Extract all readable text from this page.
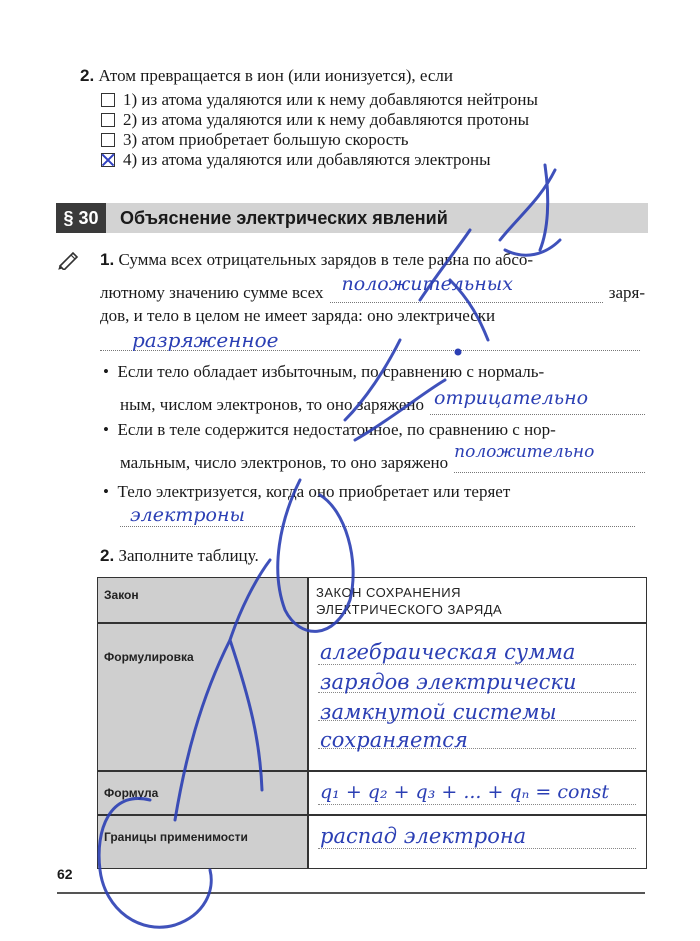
2. Атом превращается в ион (или ионизуется), если
1) из атома удаляются или к нему добавляются нейтроны
2) из атома удаляются или к нему добавляются протоны
3) атом приобретает большую скорость
4) из атома удаляются или добавляются электроны
§ 30	Объяснение электрических явлений
1. Сумма всех отрицательных зарядов в теле равна по абсо-
лютному значению сумме всех положительных	заря-
дов, и тело в целом не имеет заряда: оно электрически
разряженное
•  Если тело обладает избыточным, по сравнению с нормаль-
ным, числом электронов, то оно заряжено отрицательно
•  Если в теле содержится недостаточное, по сравнению с нор-
мальным, число электронов, то оно заряжено
положительно
•  Тело электризуется, когда оно приобретает или теряет
электроны
2. Заполните таблицу.
Закон	ЗАКОН СОХРАНЕНИЯ
ЭЛЕКТРИЧЕСКОГО ЗАРЯДА
Формулировка	алгебраическая сумма
зарядов электрически
замкнутой системы
сохраняется
Формула	q₁ + q₂ + q₃ + ... + qₙ = const
Границы применимости	распад электрона
62
